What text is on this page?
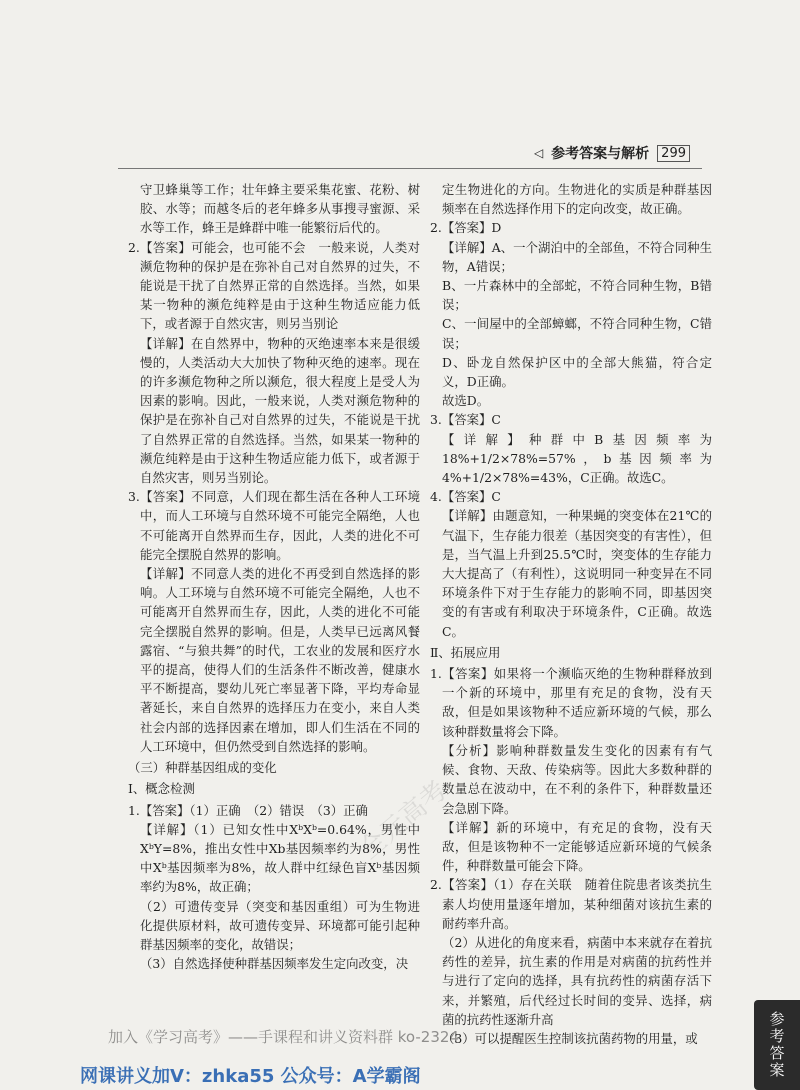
◁ 参考答案与解析 299

守卫蜂巢等工作；壮年蜂主要采集花蜜、花粉、树胶、水等；而越冬后的老年蜂多从事搜寻蜜源、采水等工作，蜂王是蜂群中唯一能繁衍后代的。

2.【答案】可能会，也可能不会　一般来说，人类对濒危物种的保护是在弥补自己对自然界的过失，不能说是干扰了自然界正常的自然选择。当然，如果某一物种的濒危纯粹是由于这种生物适应能力低下，或者源于自然灾害，则另当别论

【详解】在自然界中，物种的灭绝速率本来是很缓慢的，人类活动大大加快了物种灭绝的速率。现在的许多濒危物种之所以濒危，很大程度上是受人为因素的影响。因此，一般来说，人类对濒危物种的保护是在弥补自己对自然界的过失，不能说是干扰了自然界正常的自然选择。当然，如果某一物种的濒危纯粹是由于这种生物适应能力低下，或者源于自然灾害，则另当别论。

3.【答案】不同意，人们现在都生活在各种人工环境中，而人工环境与自然环境不可能完全隔绝，人也不可能离开自然界而生存，因此，人类的进化不可能完全摆脱自然界的影响。

【详解】不同意人类的进化不再受到自然选择的影响。人工环境与自然环境不可能完全隔绝，人也不可能离开自然界而生存，因此，人类的进化不可能完全摆脱自然界的影响。但是，人类早已远离风餐露宿、“与狼共舞”的时代，工农业的发展和医疗水平的提高，使得人们的生活条件不断改善，健康水平不断提高，婴幼儿死亡率显著下降，平均寿命显著延长，来自自然界的选择压力在变小，来自人类社会内部的选择因素在增加，即人们生活在不同的人工环境中，但仍然受到自然选择的影响。

（三）种群基因组成的变化

Ⅰ、概念检测

1.【答案】（1）正确　（2）错误　（3）正确

【详解】（1）已知女性中XᵇXᵇ=0.64%，男性中XᵇY=8%，推出女性中Xb基因频率约为8%，男性中Xᵇ基因频率为8%，故人群中红绿色盲Xᵇ基因频率约为8%，故正确；

（2）可遗传变异（突变和基因重组）可为生物进化提供原材料，故可遗传变异、环境都可能引起种群基因频率的变化，故错误；

（3）自然选择使种群基因频率发生定向改变，决

定生物进化的方向。生物进化的实质是种群基因频率在自然选择作用下的定向改变，故正确。

2.【答案】D

【详解】A、一个湖泊中的全部鱼，不符合同种生物，A错误；

B、一片森林中的全部蛇，不符合同种生物，B错误；

C、一间屋中的全部蟑螂，不符合同种生物，C错误；

D、卧龙自然保护区中的全部大熊猫，符合定义，D正确。

故选D。

3.【答案】C

【详解】种群中B基因频率为18%+1/2×78%=57%，b基因频率为4%+1/2×78%=43%，C正确。故选C。

4.【答案】C

【详解】由题意知，一种果蝇的突变体在21℃的气温下，生存能力很差（基因突变的有害性），但是，当气温上升到25.5℃时，突变体的生存能力大大提高了（有利性），这说明同一种变异在不同环境条件下对于生存能力的影响不同，即基因突变的有害或有利取决于环境条件，C正确。故选C。

Ⅱ、拓展应用

1.【答案】如果将一个濒临灭绝的生物种群释放到一个新的环境中，那里有充足的食物，没有天敌，但是如果该物种不适应新环境的气候，那么该种群数量将会下降。

【分析】影响种群数量发生变化的因素有有气候、食物、天敌、传染病等。因此大多数种群的数量总在波动中，在不利的条件下，种群数量还会急剧下降。

【详解】新的环境中，有充足的食物，没有天敌，但是该物种不一定能够适应新环境的气候条件，种群数量可能会下降。

2.【答案】（1）存在关联　随着住院患者该类抗生素人均使用量逐年增加，某种细菌对该抗生素的耐药率升高。

（2）从进化的角度来看，病菌中本来就存在着抗药性的差异，抗生素的作用是对病菌的抗药性并与进行了定向的选择，具有抗药性的病菌存活下来，并繁殖，后代经过长时间的变异、选择，病菌的抗药性逐渐升高

（3）可以提醒医生控制该抗菌药物的用量，或

全元高考
加入《学习高考》——手课程和讲义资料群 ko-2324
网课讲义加V：zhka55 公众号：A学霸阁	参考答案
